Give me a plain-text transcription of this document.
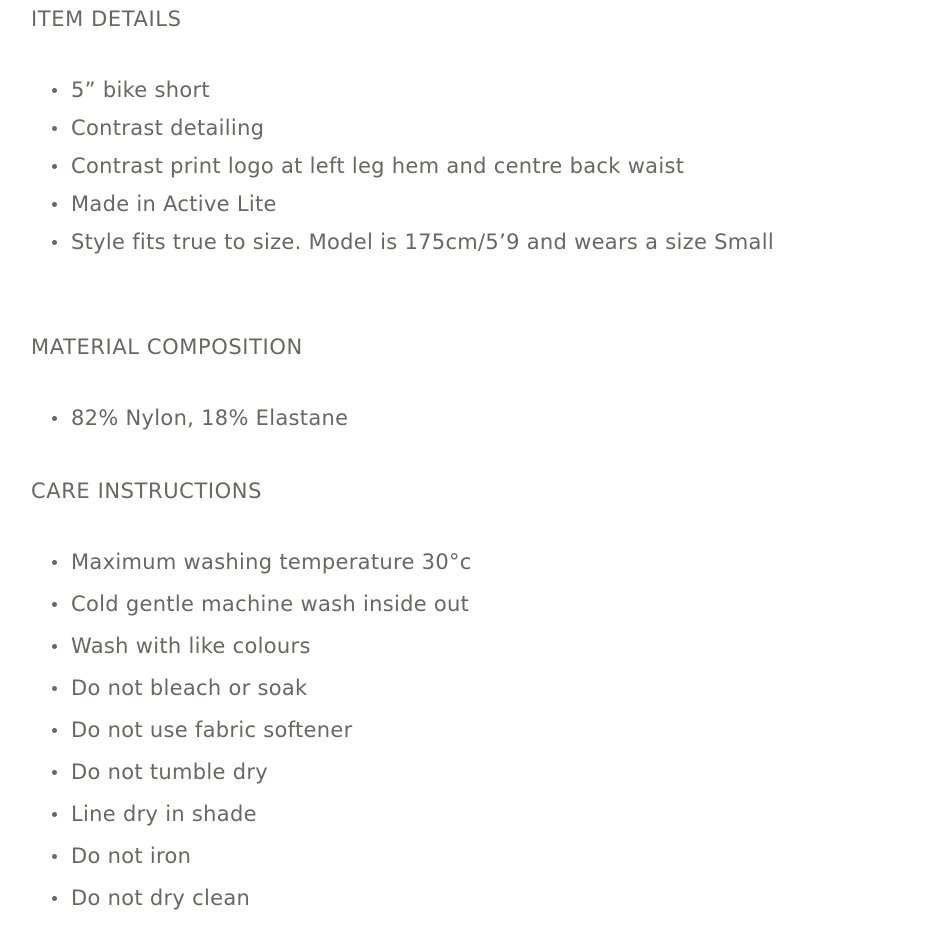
ITEM DETAILS
5” bike short
Contrast detailing
Contrast print logo at left leg hem and centre back waist
Made in Active Lite
Style fits true to size. Model is 175cm/5’9 and wears a size Small
MATERIAL COMPOSITION
82% Nylon, 18% Elastane
CARE INSTRUCTIONS
Maximum washing temperature 30°c
Cold gentle machine wash inside out
Wash with like colours
Do not bleach or soak
Do not use fabric softener
Do not tumble dry
Line dry in shade
Do not iron
Do not dry clean
